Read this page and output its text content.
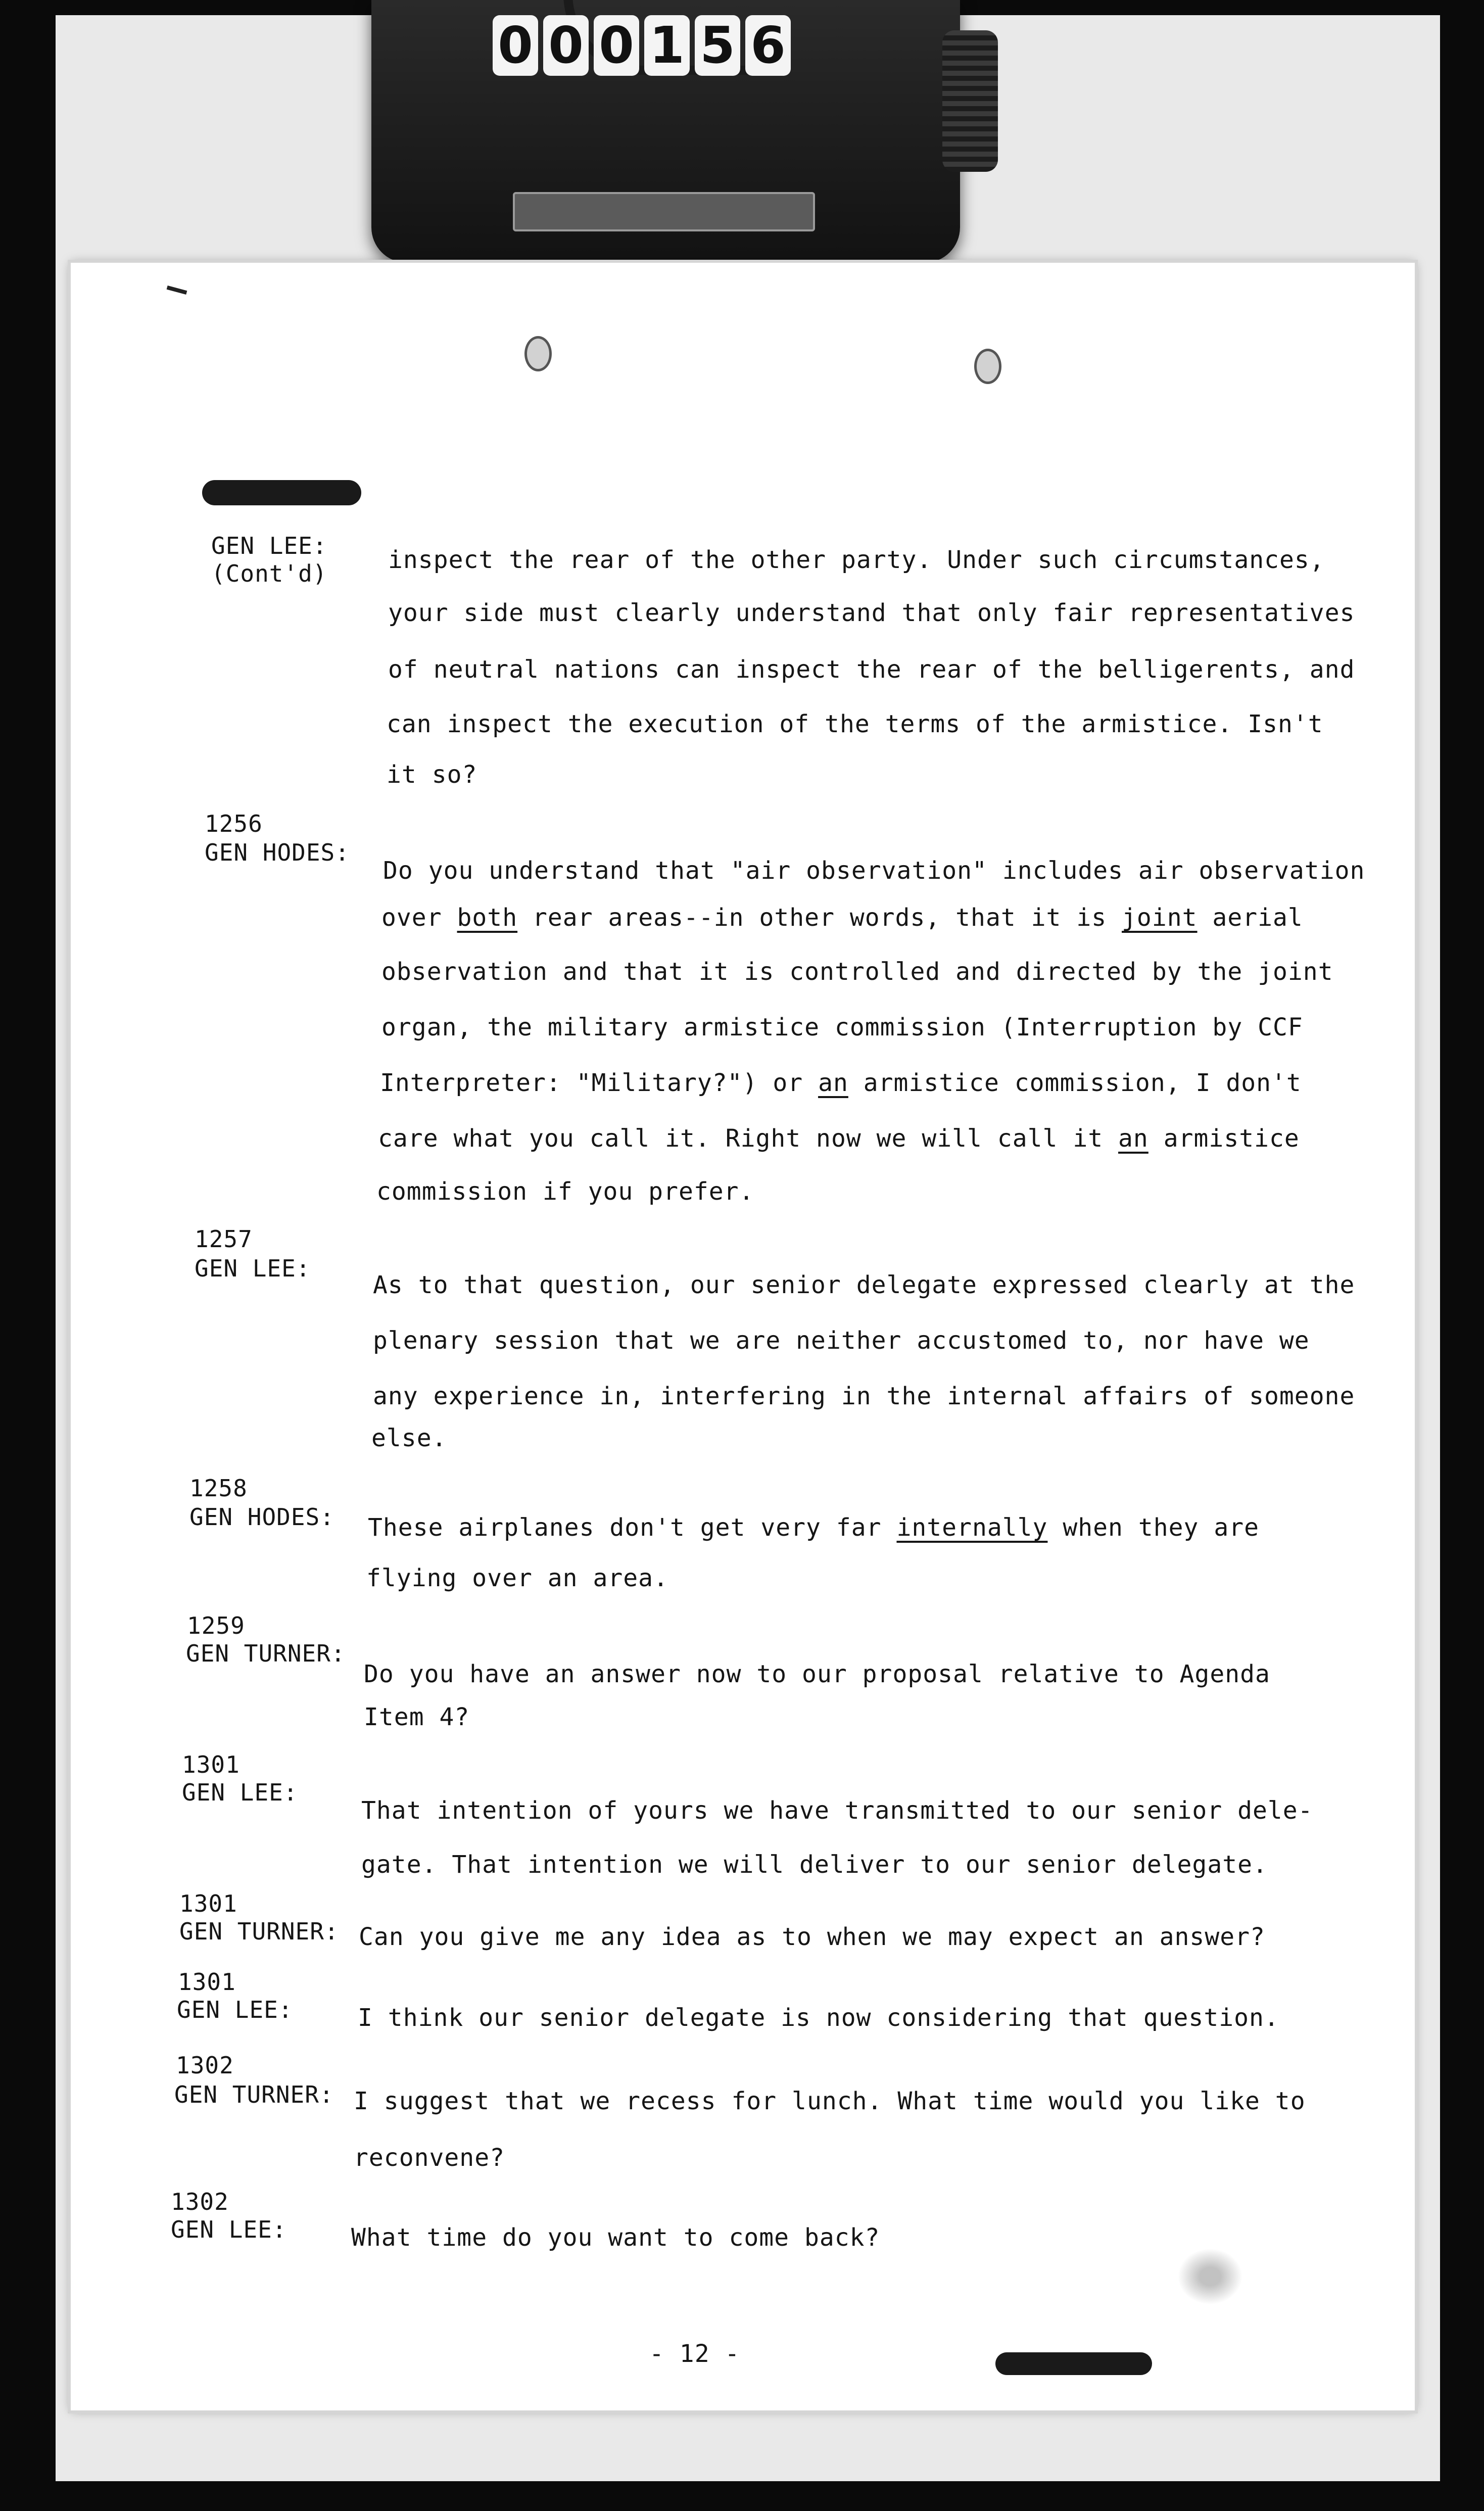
0 0 0 1 5 6
GEN LEE:
(Cont'd)	inspect the rear of the other party. Under such circumstances,
your side must clearly understand that only fair representatives
of neutral nations can inspect the rear of the belligerents, and
can inspect the execution of the terms of the armistice. Isn't
it so?
1256
GEN HODES:
Do you understand that "air observation" includes air observation
over both rear areas--in other words, that it is joint aerial
observation and that it is controlled and directed by the joint
organ, the military armistice commission (Interruption by CCF
Interpreter: "Military?") or an armistice commission, I don't
care what you call it. Right now we will call it an armistice
commission if you prefer.
1257
GEN LEE:
As to that question, our senior delegate expressed clearly at the
plenary session that we are neither accustomed to, nor have we
any experience in, interfering in the internal affairs of someone
else.
1258
GEN HODES: These airplanes don't get very far internally when they are
flying over an area.
1259
GEN TURNER:
Do you have an answer now to our proposal relative to Agenda
Item 4?
1301
GEN LEE:
That intention of yours we have transmitted to our senior dele-
gate. That intention we will deliver to our senior delegate.
1301
GEN TURNER: Can you give me any idea as to when we may expect an answer?
1301
GEN LEE:	I think our senior delegate is now considering that question.
1302
GEN TURNER: I suggest that we recess for lunch. What time would you like to
reconvene?
1302
GEN LEE:	What time do you want to come back?
- 12 -
